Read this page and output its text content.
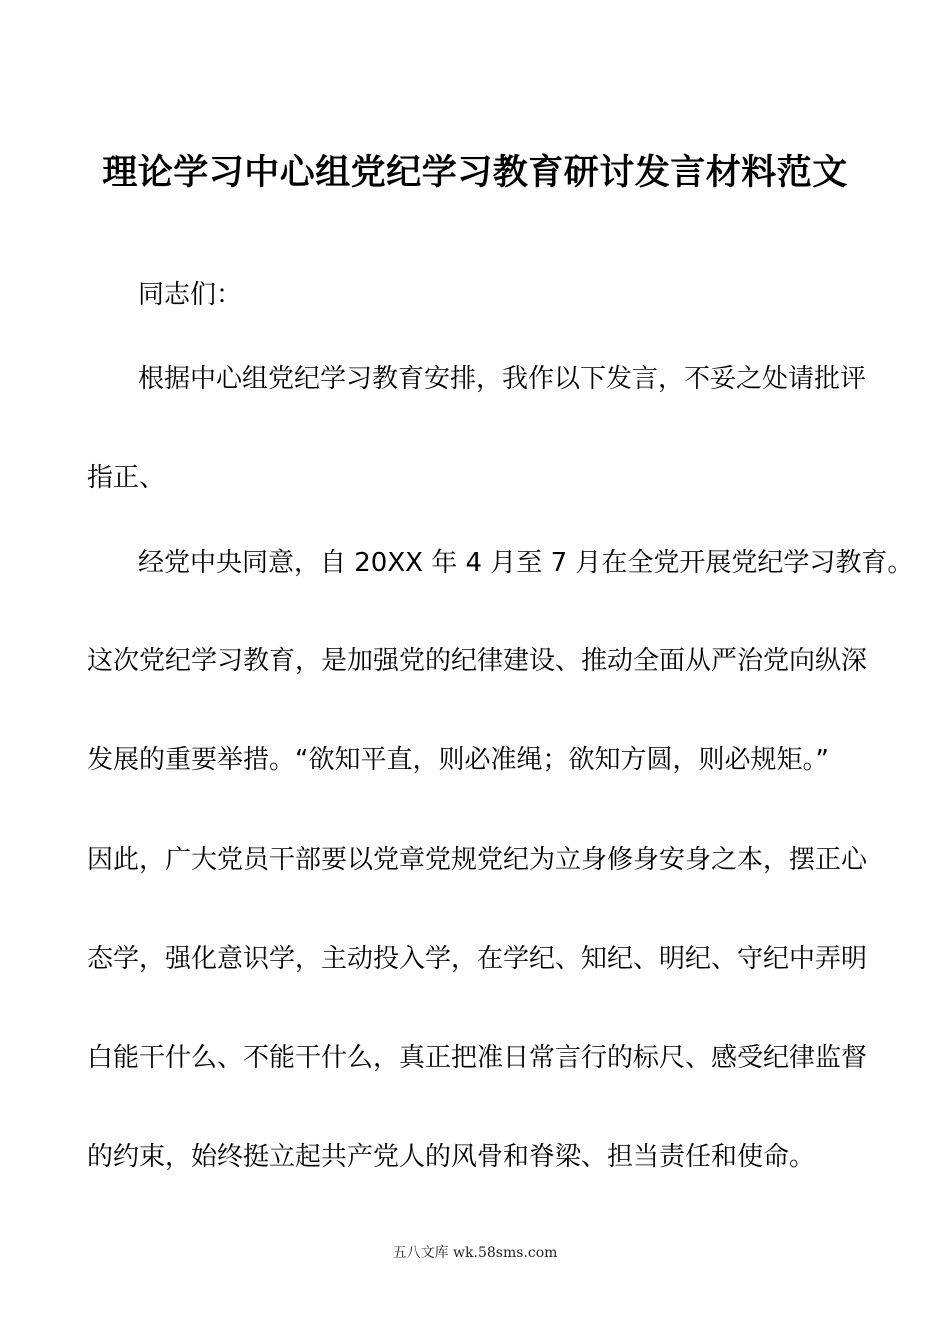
理论学习中心组党纪学习教育研讨发言材料范文
同志们：
根据中心组党纪学习教育安排，我作以下发言，不妥之处请批评
指正、
经党中央同意，自 20XX 年 4 月至 7 月在全党开展党纪学习教育。
这次党纪学习教育，是加强党的纪律建设、推动全面从严治党向纵深
发展的重要举措。“欲知平直，则必准绳；欲知方圆，则必规矩。”
因此，广大党员干部要以党章党规党纪为立身修身安身之本，摆正心
态学，强化意识学，主动投入学，在学纪、知纪、明纪、守纪中弄明
白能干什么、不能干什么，真正把准日常言行的标尺、感受纪律监督
的约束，始终挺立起共产党人的风骨和脊梁、担当责任和使命。
五八文库 wk.58sms.com
